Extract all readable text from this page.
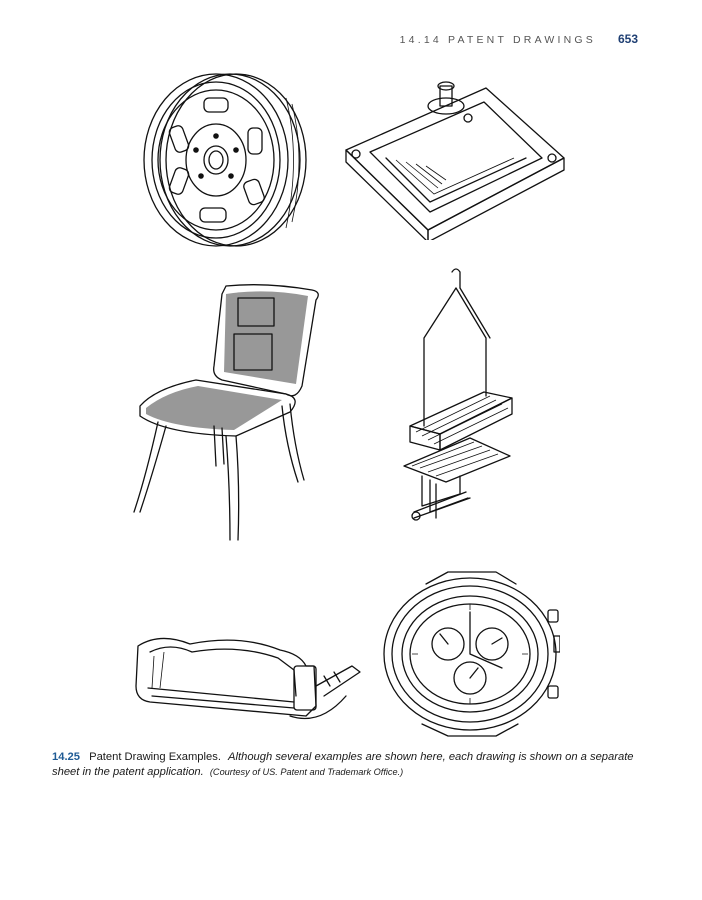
14.14 PATENT DRAWINGS 653
14.25 Patent Drawing Examples. Although several examples are shown here, each drawing is shown on a separate sheet in the patent application. (Courtesy of US. Patent and Trademark Office.)
